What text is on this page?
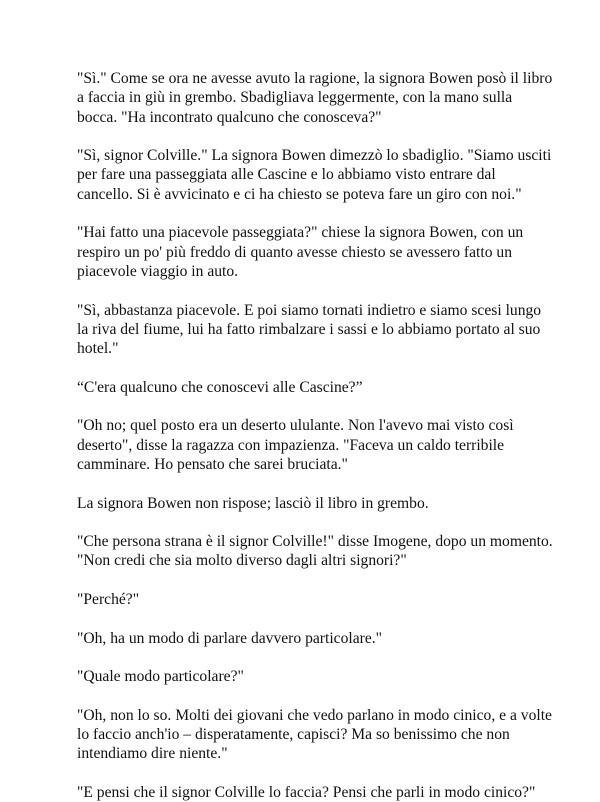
"Sì." Come se ora ne avesse avuto la ragione, la signora Bowen posò il libro
a faccia in giù in grembo. Sbadigliava leggermente, con la mano sulla
bocca. "Ha incontrato qualcuno che conosceva?"

"Sì, signor Colville." La signora Bowen dimezzò lo sbadiglio. "Siamo usciti
per fare una passeggiata alle Cascine e lo abbiamo visto entrare dal
cancello. Si è avvicinato e ci ha chiesto se poteva fare un giro con noi."

"Hai fatto una piacevole passeggiata?" chiese la signora Bowen, con un
respiro un po' più freddo di quanto avesse chiesto se avessero fatto un
piacevole viaggio in auto.

"Sì, abbastanza piacevole. E poi siamo tornati indietro e siamo scesi lungo
la riva del fiume, lui ha fatto rimbalzare i sassi e lo abbiamo portato al suo
hotel."

“C'era qualcuno che conoscevi alle Cascine?”

"Oh no; quel posto era un deserto ululante. Non l'avevo mai visto così
deserto", disse la ragazza con impazienza. "Faceva un caldo terribile
camminare. Ho pensato che sarei bruciata."

La signora Bowen non rispose; lasciò il libro in grembo.

"Che persona strana è il signor Colville!" disse Imogene, dopo un momento.
"Non credi che sia molto diverso dagli altri signori?"

"Perché?"

"Oh, ha un modo di parlare davvero particolare."

"Quale modo particolare?"

"Oh, non lo so. Molti dei giovani che vedo parlano in modo cinico, e a volte
lo faccio anch'io – disperatamente, capisci? Ma so benissimo che non
intendiamo dire niente."

"E pensi che il signor Colville lo faccia? Pensi che parli in modo cinico?"
